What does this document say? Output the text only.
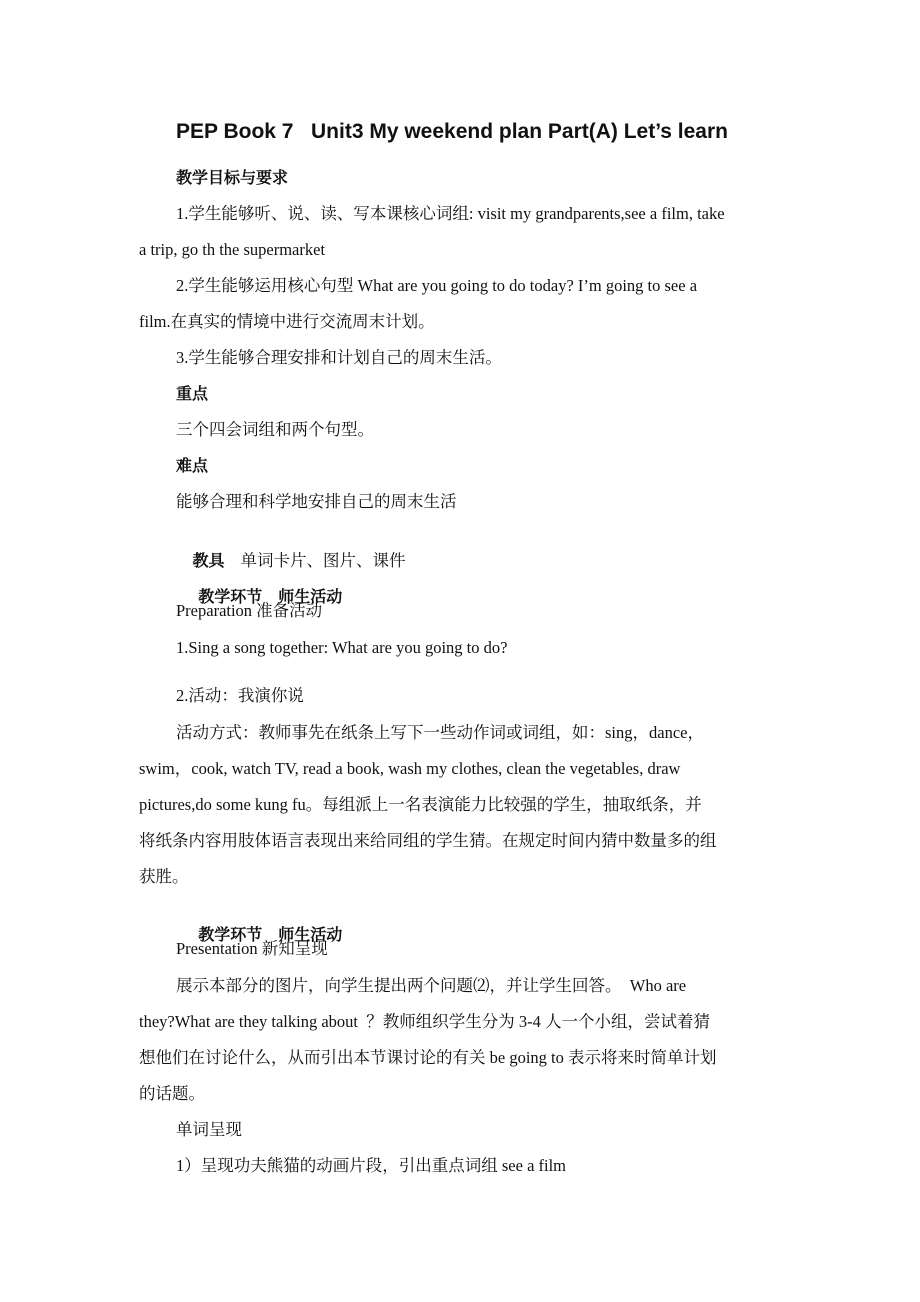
PEP Book 7   Unit3 My weekend plan Part(A) Let’s learn
教学目标与要求
1.学生能够听、说、读、写本课核心词组: visit my grandparents,see a film, take
a trip, go th the supermarket
2.学生能够运用核心句型 What are you going to do today? I’m going to see a
film.在真实的情境中进行交流周末计划。
3.学生能够合理安排和计划自己的周末生活。
重点
三个四会词组和两个句型。
难点
能够合理和科学地安排自己的周末生活

教具 单词卡片、图片、课件

教学环节 师生活动

Preparation 准备活动
1.Sing a song together: What are you going to do?
2.活动：我演你说
活动方式：教师事先在纸条上写下一些动作词或词组，如：sing，dance，
swim，cook, watch TV, read a book, wash my clothes, clean the vegetables, draw
pictures,do some kung fu。每组派上一名表演能力比较强的学生，抽取纸条，并
将纸条内容用肢体语言表现出来给同组的学生猜。在规定时间内猜中数量多的组
获胜。

教学环节 师生活动

Presentation 新知呈现
展示本部分的图片，向学生提出两个问题⑵，并让学生回答。  Who are
they?What are they talking about  ？教师组织学生分为 3-4 人一个小组，尝试着猜
想他们在讨论什么，从而引出本节课讨论的有关 be going to 表示将来时简单计划
的话题。
单词呈现
1）呈现功夫熊猫的动画片段，引出重点词组 see a film
